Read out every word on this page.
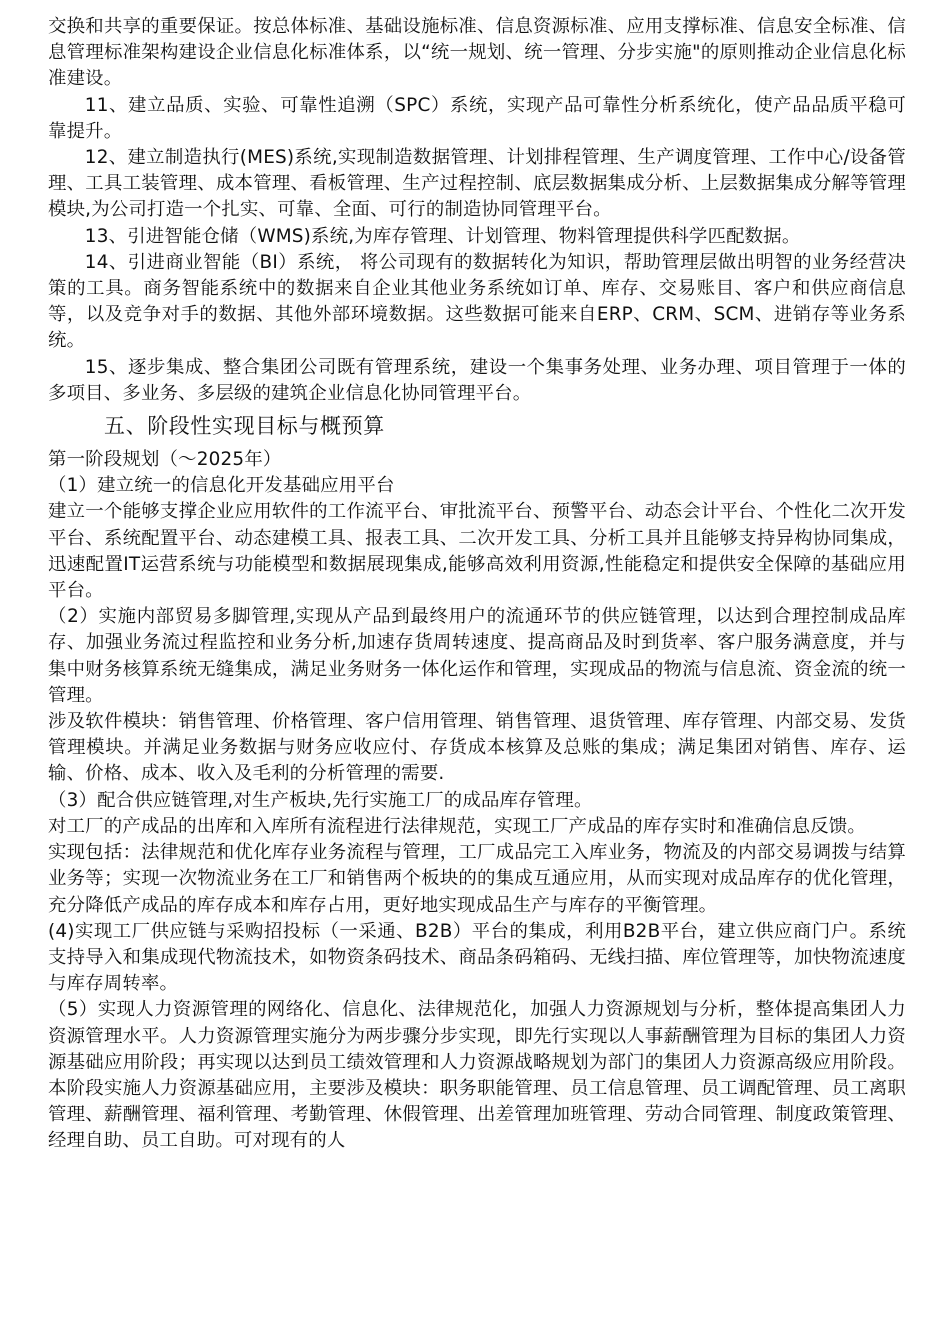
交换和共享的重要保证。按总体标准、基础设施标准、信息资源标准、应用支撑标准、信息安全标准、信息管理标准架构建设企业信息化标准体系，以“统一规划、统一管理、分步实施"的原则推动企业信息化标准建设。

11、建立品质、实验、可靠性追溯（SPC）系统，实现产品可靠性分析系统化，使产品品质平稳可靠提升。

12、建立制造执行(MES)系统,实现制造数据管理、计划排程管理、生产调度管理、工作中心/设备管理、工具工装管理、成本管理、看板管理、生产过程控制、底层数据集成分析、上层数据集成分解等管理模块,为公司打造一个扎实、可靠、全面、可行的制造协同管理平台。

13、引进智能仓储（WMS)系统,为库存管理、计划管理、物料管理提供科学匹配数据。

14、引进商业智能（BI）系统， 将公司现有的数据转化为知识，帮助管理层做出明智的业务经营决策的工具。商务智能系统中的数据来自企业其他业务系统如订单、库存、交易账目、客户和供应商信息等，以及竞争对手的数据、其他外部环境数据。这些数据可能来自ERP、CRM、SCM、进销存等业务系统。

15、逐步集成、整合集团公司既有管理系统，建设一个集事务处理、业务办理、项目管理于一体的多项目、多业务、多层级的建筑企业信息化协同管理平台。

五、阶段性实现目标与概预算

第一阶段规划（～2025年）

（1）建立统一的信息化开发基础应用平台

建立一个能够支撑企业应用软件的工作流平台、审批流平台、预警平台、动态会计平台、个性化二次开发平台、系统配置平台、动态建模工具、报表工具、二次开发工具、分析工具并且能够支持异构协同集成，迅速配置IT运营系统与功能模型和数据展现集成,能够高效利用资源,性能稳定和提供安全保障的基础应用平台。

（2）实施内部贸易多脚管理,实现从产品到最终用户的流通环节的供应链管理，以达到合理控制成品库存、加强业务流过程监控和业务分析,加速存货周转速度、提高商品及时到货率、客户服务满意度，并与集中财务核算系统无缝集成，满足业务财务一体化运作和管理，实现成品的物流与信息流、资金流的统一管理。

涉及软件模块：销售管理、价格管理、客户信用管理、销售管理、退货管理、库存管理、内部交易、发货管理模块。并满足业务数据与财务应收应付、存货成本核算及总账的集成；满足集团对销售、库存、运输、价格、成本、收入及毛利的分析管理的需要.

（3）配合供应链管理,对生产板块,先行实施工厂的成品库存管理。

对工厂的产成品的出库和入库所有流程进行法律规范，实现工厂产成品的库存实时和准确信息反馈。

实现包括：法律规范和优化库存业务流程与管理，工厂成品完工入库业务，物流及的内部交易调拨与结算业务等；实现一次物流业务在工厂和销售两个板块的的集成互通应用，从而实现对成品库存的优化管理，充分降低产成品的库存成本和库存占用，更好地实现成品生产与库存的平衡管理。

(4)实现工厂供应链与采购招投标（一采通、B2B）平台的集成，利用B2B平台，建立供应商门户。系统支持导入和集成现代物流技术，如物资条码技术、商品条码箱码、无线扫描、库位管理等，加快物流速度与库存周转率。

（5）实现人力资源管理的网络化、信息化、法律规范化，加强人力资源规划与分析，整体提高集团人力资源管理水平。人力资源管理实施分为两步骤分步实现，即先行实现以人事薪酬管理为目标的集团人力资源基础应用阶段；再实现以达到员工绩效管理和人力资源战略规划为部门的集团人力资源高级应用阶段。本阶段实施人力资源基础应用，主要涉及模块：职务职能管理、员工信息管理、员工调配管理、员工离职管理、薪酬管理、福利管理、考勤管理、休假管理、出差管理加班管理、劳动合同管理、制度政策管理、经理自助、员工自助。可对现有的人
